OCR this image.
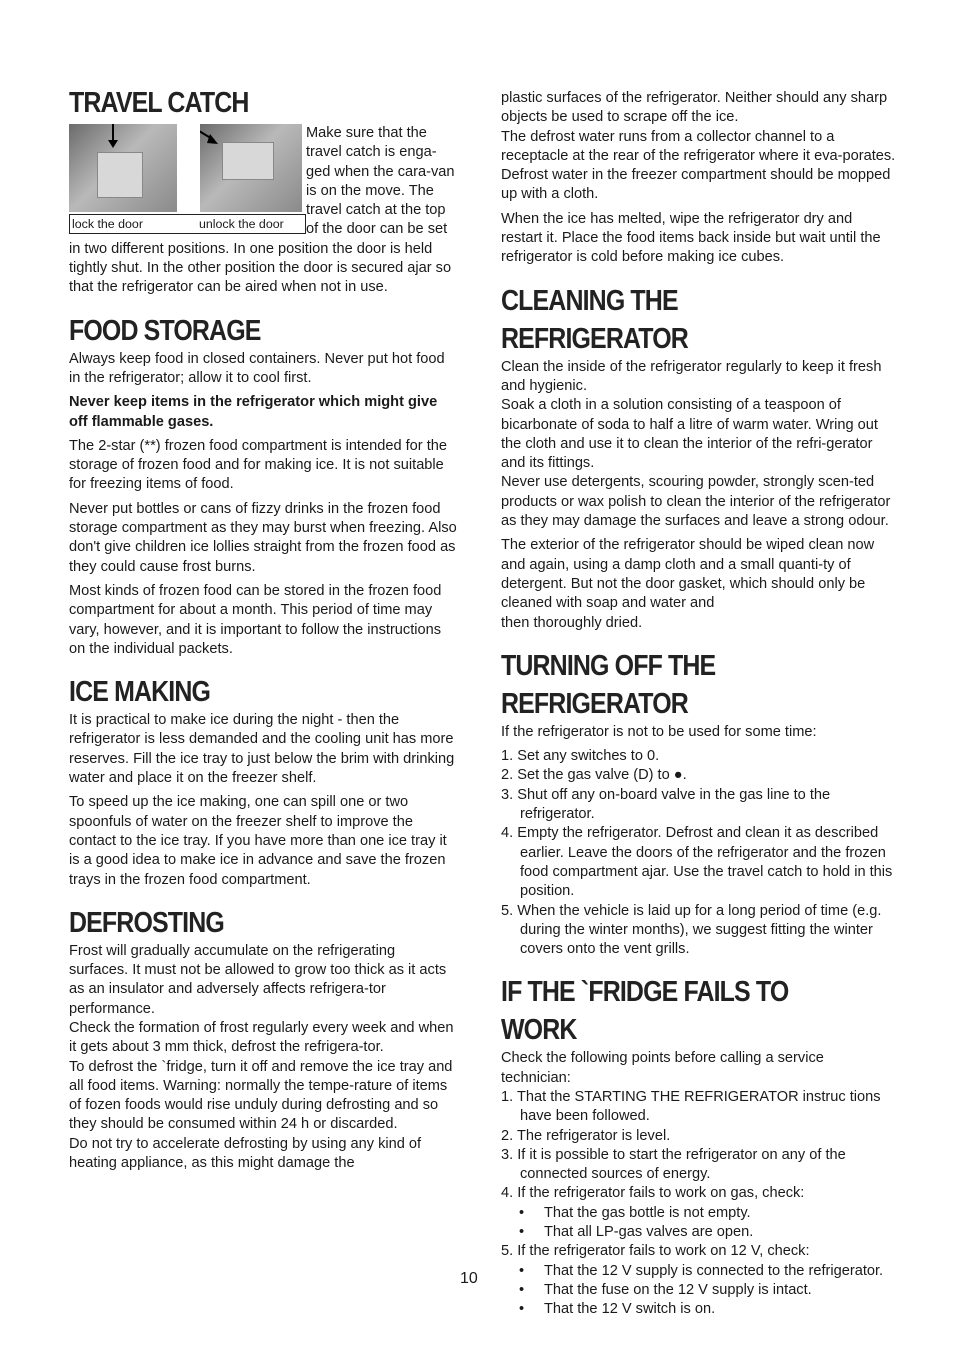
TRAVEL CATCH
lock the door	unlock the door

Make sure that the travel catch is enga-ged when the cara-van is on the move. The travel catch at the top of the door can be set in two different positions. In one position the door is held tightly shut. In the other position the door is secured ajar so that the refrigerator can be aired when not in use.

FOOD STORAGE

Always keep food in closed containers. Never put hot food in the refrigerator; allow it to cool first.

Never keep items in the refrigerator which might give off flammable gases.

The 2-star (**) frozen food compartment is intended for the storage of frozen food and for making ice. It is not suitable for freezing items of food.

Never put bottles or cans of fizzy drinks in the frozen food storage compartment as they may burst when freezing. Also don't give children ice lollies straight from the frozen food as they could cause frost burns.

Most kinds of frozen food can be stored in the frozen food compartment for about a month. This period of time may vary, however, and it is important to follow the instructions on the individual packets.

ICE MAKING

It is practical to make ice during the night - then the refrigerator is less demanded and the cooling unit has more reserves. Fill the ice tray to just below the brim with drinking water and place it on the freezer shelf.

To speed up the ice making, one can spill one or two spoonfuls of water on the freezer shelf to improve the contact to the ice tray. If you have more than one ice tray it is a good idea to make ice in advance and save the frozen trays in the frozen food compartment.

DEFROSTING

Frost will gradually accumulate on the refrigerating surfaces. It must not be allowed to grow too thick as it acts as an insulator and adversely affects refrigera-tor performance.

Check the formation of frost regularly every week and when it gets about 3 mm thick, defrost the refrigera-tor.

To defrost the `fridge, turn it off and remove the ice tray and all food items. Warning: normally the tempe-rature of items of fozen foods would rise unduly during defrosting and so they should be consumed within 24 h or discarded.

Do not try to accelerate defrosting by using any kind of heating appliance, as this might damage the

plastic surfaces of the refrigerator. Neither should any sharp objects be used to scrape off the ice.

The defrost water runs from a collector channel to a receptacle at the rear of the refrigerator where it eva-porates. Defrost water in the freezer compartment should be mopped up with a cloth.

When the ice has melted, wipe the refrigerator dry and restart it. Place the food items back inside but wait until the refrigerator is cold before making ice cubes.

CLEANING THE REFRIGERATOR

Clean the inside of the refrigerator regularly to keep it fresh and hygienic.

Soak a cloth in a solution consisting of a teaspoon of bicarbonate of soda to half a litre of warm water. Wring out the cloth and use it to clean the interior of the refri-gerator and its fittings.

Never use detergents, scouring powder, strongly scen-ted products or wax polish to clean the interior of the refrigerator as they may damage the surfaces and leave a strong odour.

The exterior of the refrigerator should be wiped clean now and again, using a damp cloth and a small quanti-ty of detergent. But not the door gasket, which should only be cleaned with soap and water and

then thoroughly dried.

TURNING OFF THE REFRIGERATOR

If the refrigerator is not to be used for some time:

1. Set any switches to 0.
2. Set the gas valve (D) to ●.
3. Shut off any on-board valve in the gas line to the refrigerator.
4. Empty the refrigerator. Defrost and clean it as described earlier. Leave the doors of the refrigerator and the frozen food compartment ajar. Use the travel catch to hold in this position.
5. When the vehicle is laid up for a long period of time (e.g. during the winter months), we suggest fitting the winter covers onto the vent grills.
IF THE `FRIDGE FAILS TO WORK

Check the following points before calling a service technician:

1. That the STARTING THE REFRIGERATOR instruc tions have been followed.
2. The refrigerator is level.
3. If it is possible to start the refrigerator on any of the connected sources of energy.
4. If the refrigerator fails to work on gas, check:
• That the gas bottle is not empty.
• That all LP-gas valves are open.
5. If the refrigerator fails to work on 12 V, check:
• That the 12 V supply is connected to the refrigerator.
• That the fuse on the 12 V supply is intact.
• That the 12 V switch is on.
10
